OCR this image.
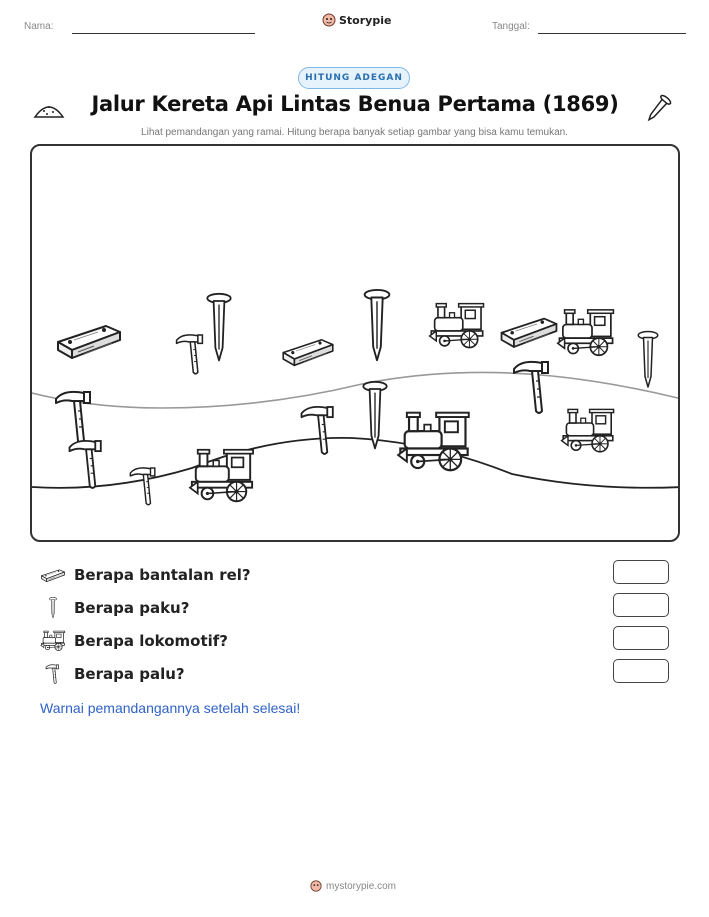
Nama:	Storypie	Tanggal:
HITUNG ADEGAN
Jalur Kereta Api Lintas Benua Pertama (1869)
Lihat pemandangan yang ramai. Hitung berapa banyak setiap gambar yang bisa kamu temukan.
Berapa bantalan rel?
Berapa paku?
Berapa lokomotif?
Berapa palu?
Warnai pemandangannya setelah selesai!
mystorypie.com
